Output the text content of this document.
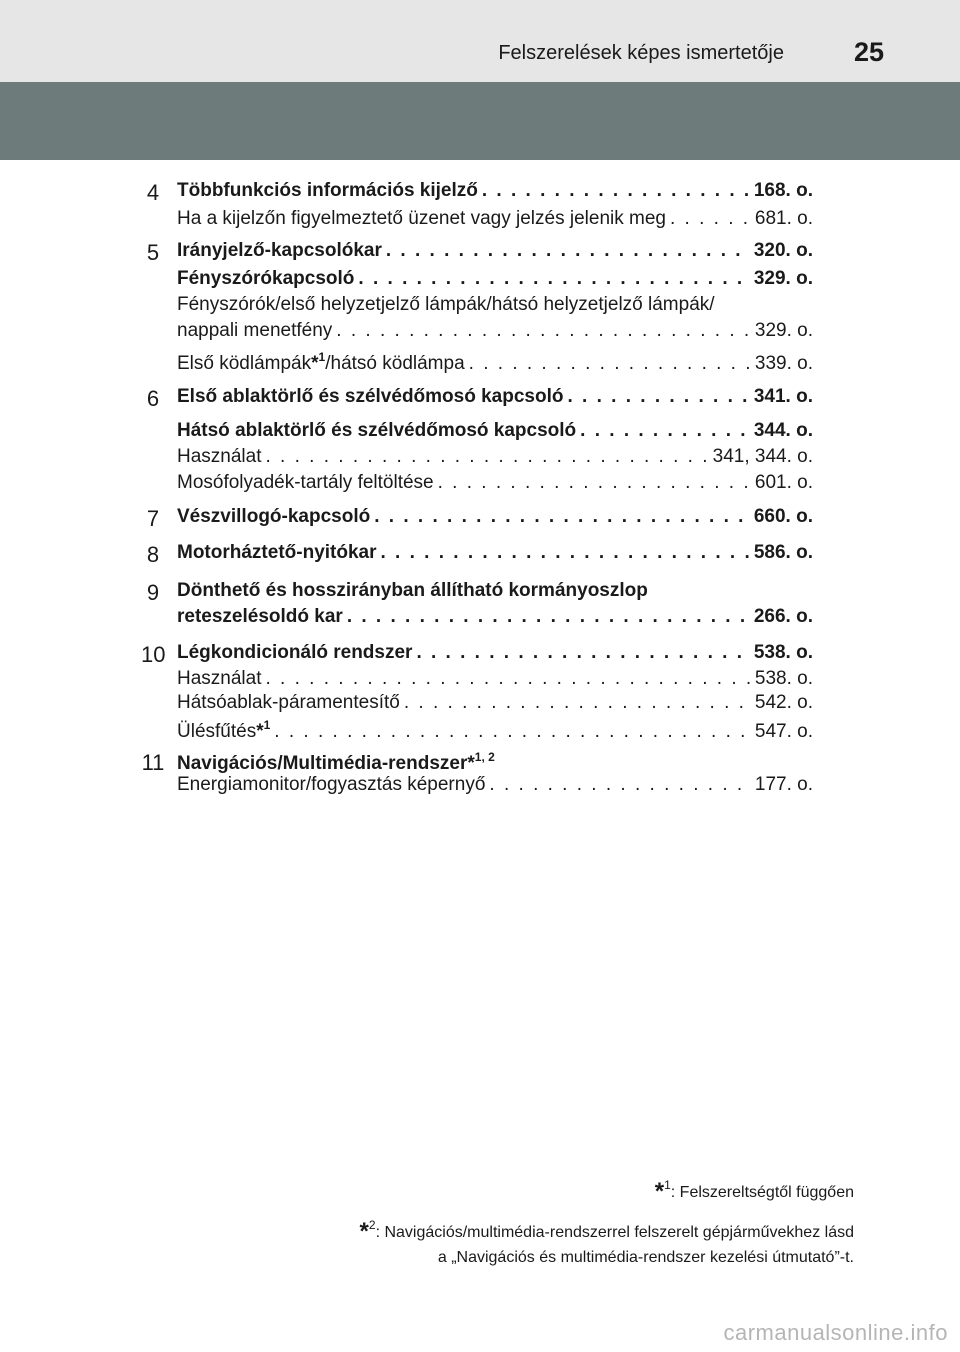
Felszerelések képes ismertetője	25
4 Többfunkciós információs kijelző . . .	168. o.
Ha a kijelzőn figyelmeztető üzenet vagy jelzés jelenik meg . . .	681. o.
5 Irányjelző-kapcsolókar . . .	320. o.
Fényszórókapcsoló . . .	329. o.
Fényszórók/első helyzetjelző lámpák/hátsó helyzetjelző lámpák/
nappali menetfény . . .	329. o.
Első ködlámpák*$^1$/hátsó ködlámpa . . .	339. o.
6 Első ablaktörlő és szélvédőmosó kapcsoló . . .	341. o.
Hátsó ablaktörlő és szélvédőmosó kapcsoló . . .	344. o.
Használat . . .	341, 344. o.
Mosófolyadék-tartály feltöltése . . .	601. o.
7 Vészvillogó-kapcsoló . . .	660. o.
8 Motorháztető-nyitókar . . .	586. o.
9 Dönthető és hosszirányban állítható kormányoszlop
reteszelésoldó kar . . .	266. o.
10 Légkondicionáló rendszer . . .	538. o.
Használat . . .	538. o.
Hátsóablak-páramentesítő . . .	542. o.
Ülésfűtés*$^1$ . . .	547. o.
11 Navigációs/Multimédia-rendszer*$^{1, 2}$
Energiamonitor/fogyasztás képernyő . . .	177. o.
*$^1$: Felszereltségtől függően
*$^2$: Navigációs/multimédia-rendszerrel felszerelt gépjárművekhez lásd
a „Navigációs és multimédia-rendszer kezelési útmutató”-t.
carmanualsonline.info
